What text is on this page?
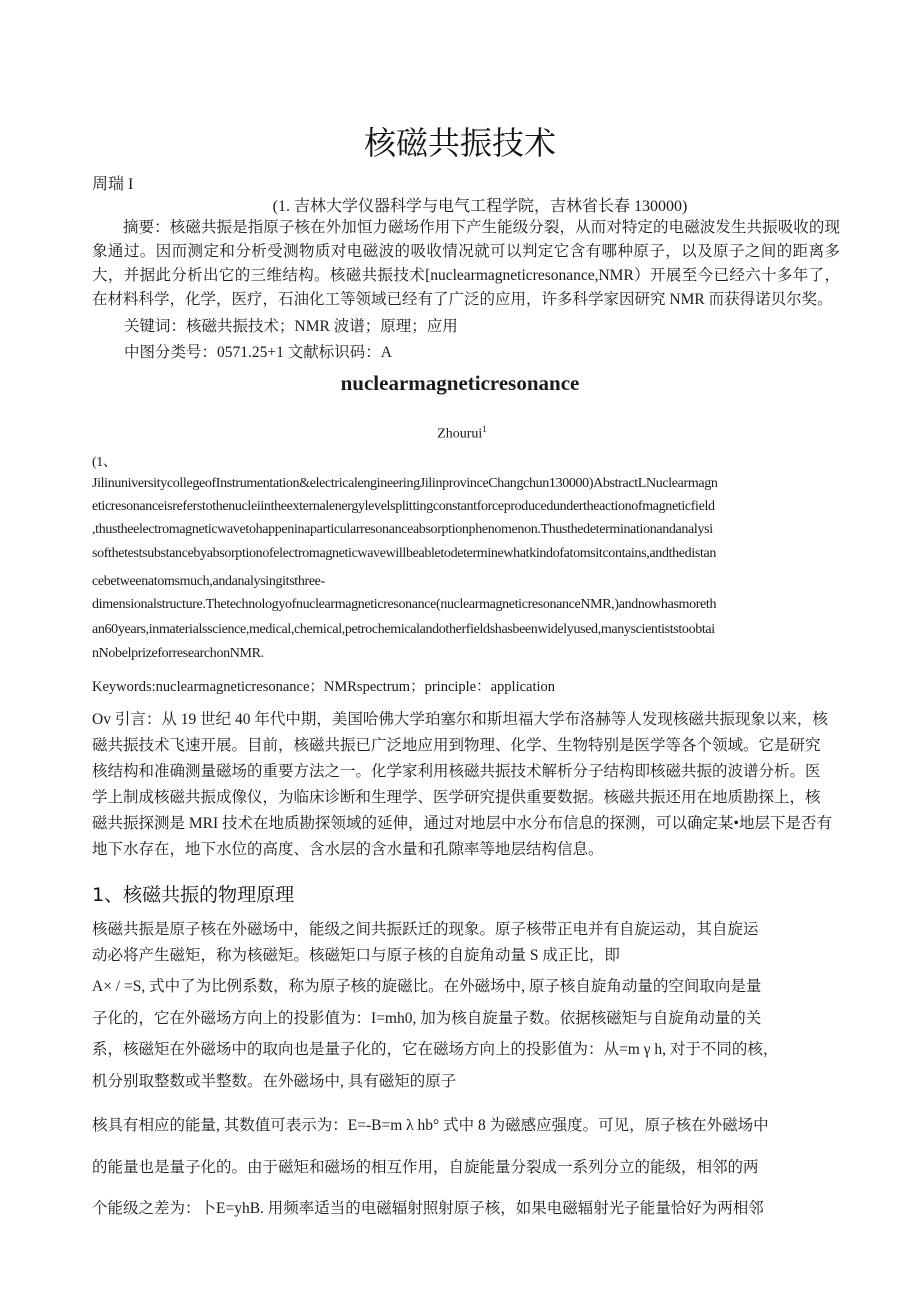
核磁共振技术
周瑞 I
(1. 吉林大学仪器科学与电气工程学院，吉林省长春 130000)
摘要：核磁共振是指原子核在外加恒力磁场作用下产生能级分裂，从而对特定的电磁波发生共振吸收的现象通过。因而测定和分析受测物质对电磁波的吸收情况就可以判定它含有哪种原子，以及原子之间的距离多大，并据此分析出它的三维结构。核磁共振技术[nuclearmagneticresonance,NMR）开展至今已经六十多年了，在材料科学，化学，医疗，石油化工等领域已经有了广泛的应用，许多科学家因研究 NMR 而获得诺贝尔奖。
关键词：核磁共振技术；NMR 波谱；原理；应用
中图分类号：0571.25+1 文献标识码：A
nuclearmagneticresonance
Zhourui$^1$
(1、
JilinuniversitycollegeofInstrumentation&electricalengineeringJilinprovinceChangchun130000)AbstractLNuclearmagn
eticresonanceisreferstothenucleiintheexternalenergylevelsplittingconstantforceproducedundertheactionofmagneticfield
,thustheelectromagneticwavetohappeninaparticularresonanceabsorptionphenomenon.Thusthedeterminationandanalysi
softhetestsubstancebyabsorptionofelectromagneticwavewillbeabletodeterminewhatkindofatomsitcontains,andthedistan
cebetweenatomsmuch,andanalysingitsthree-
dimensionalstructure.Thetechnologyofnuclearmagneticresonance(nuclearmagneticresonanceNMR,)andnowhasmoreth
an60years,inmaterialsscience,medical,chemical,petrochemicalandotherfieldshasbeenwidelyused,manyscientiststoobtai
nNobelprizeforresearchonNMR.
Keywords:nuclearmagneticresonance；NMRspectrum；principle：application
Ov 引言：从 19 世纪 40 年代中期，美国哈佛大学珀塞尔和斯坦福大学布洛赫等人发现核磁共振现象以来，核
磁共振技术飞速开展。目前，核磁共振已广泛地应用到物理、化学、生物特别是医学等各个领域。它是研究
核结构和准确测量磁场的重要方法之一。化学家利用核磁共振技术解析分子结构即核磁共振的波谱分析。医
学上制成核磁共振成像仪，为临床诊断和生理学、医学研究提供重要数据。核磁共振还用在地质勘探上，核
磁共振探测是 MRI 技术在地质勘探领域的延伸，通过对地层中水分布信息的探测，可以确定某•地层下是否有
地下水存在，地下水位的高度、含水层的含水量和孔隙率等地层结构信息。
1、核磁共振的物理原理
核磁共振是原子核在外磁场中，能级之间共振跃迁的现象。原子核带正电并有自旋运动，其自旋运
动必将产生磁矩，称为核磁矩。核磁矩口与原子核的自旋角动量 S 成正比，即
A× / =S, 式中了为比例系数，称为原子核的旋磁比。在外磁场中, 原子核自旋角动量的空间取向是量
子化的，它在外磁场方向上的投影值为：I=mh0, 加为核自旋量子数。依据核磁矩与自旋角动量的关
系，核磁矩在外磁场中的取向也是量子化的，它在磁场方向上的投影值为：从=m γ h, 对于不同的核，
机分别取整数或半整数。在外磁场中, 具有磁矩的原子
核具有相应的能量, 其数值可表示为：E=-B=m λ hb° 式中 8 为磁感应强度。可见，原子核在外磁场中
的能量也是量子化的。由于磁矩和磁场的相互作用，自旋能量分裂成一系列分立的能级，相邻的两
个能级之差为：卜E=yhB. 用频率适当的电磁辐射照射原子核，如果电磁辐射光子能量恰好为两相邻
